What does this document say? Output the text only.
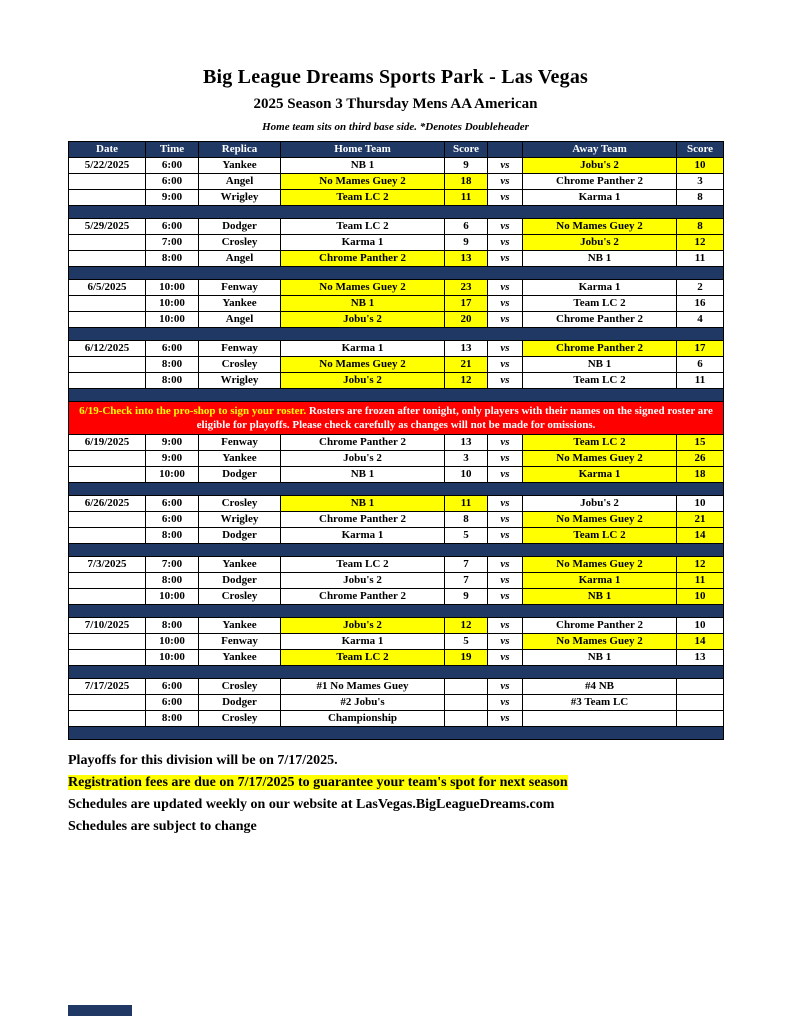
Big League Dreams Sports Park - Las Vegas
2025 Season 3 Thursday Mens AA American
Home team sits on third base side. *Denotes Doubleheader
Date	Time	Replica	Home Team	Score		Away Team	Score
5/22/2025	6:00	Yankee	NB 1	9	vs	Jobu's 2	10
	6:00	Angel	No Mames Guey 2	18	vs	Chrome Panther 2	3
	9:00	Wrigley	Team LC 2	11	vs	Karma 1	8

5/29/2025	6:00	Dodger	Team LC 2	6	vs	No Mames Guey 2	8
	7:00	Crosley	Karma 1	9	vs	Jobu's 2	12
	8:00	Angel	Chrome Panther 2	13	vs	NB 1	11

6/5/2025	10:00	Fenway	No Mames Guey 2	23	vs	Karma 1	2
	10:00	Yankee	NB 1	17	vs	Team LC 2	16
	10:00	Angel	Jobu's 2	20	vs	Chrome Panther 2	4

6/12/2025	6:00	Fenway	Karma 1	13	vs	Chrome Panther 2	17
	8:00	Crosley	No Mames Guey 2	21	vs	NB 1	6
	8:00	Wrigley	Jobu's 2	12	vs	Team LC 2	11

6/19-Check into the pro-shop to sign your roster. Rosters are frozen after tonight, only players with their names on the signed roster are eligible for playoffs. Please check carefully as changes will not be made for omissions.							
6/19/2025	9:00	Fenway	Chrome Panther 2	13	vs	Team LC 2	15
	9:00	Yankee	Jobu's 2	3	vs	No Mames Guey 2	26
	10:00	Dodger	NB 1	10	vs	Karma 1	18

6/26/2025	6:00	Crosley	NB 1	11	vs	Jobu's 2	10
	6:00	Wrigley	Chrome Panther 2	8	vs	No Mames Guey 2	21
	8:00	Dodger	Karma 1	5	vs	Team LC 2	14

7/3/2025	7:00	Yankee	Team LC 2	7	vs	No Mames Guey 2	12
	8:00	Dodger	Jobu's 2	7	vs	Karma 1	11
	10:00	Crosley	Chrome Panther 2	9	vs	NB 1	10

7/10/2025	8:00	Yankee	Jobu's 2	12	vs	Chrome Panther 2	10
	10:00	Fenway	Karma 1	5	vs	No Mames Guey 2	14
	10:00	Yankee	Team LC 2	19	vs	NB 1	13

7/17/2025	6:00	Crosley	#1 No Mames Guey		vs	#4 NB	
	6:00	Dodger	#2 Jobu's		vs	#3 Team LC	
	8:00	Crosley	Championship		vs		

Playoffs for this division will be on 7/17/2025.
Registration fees are due on 7/17/2025 to guarantee your team's spot for next season
Schedules are updated weekly on our website at LasVegas.BigLeagueDreams.com
Schedules are subject to change
